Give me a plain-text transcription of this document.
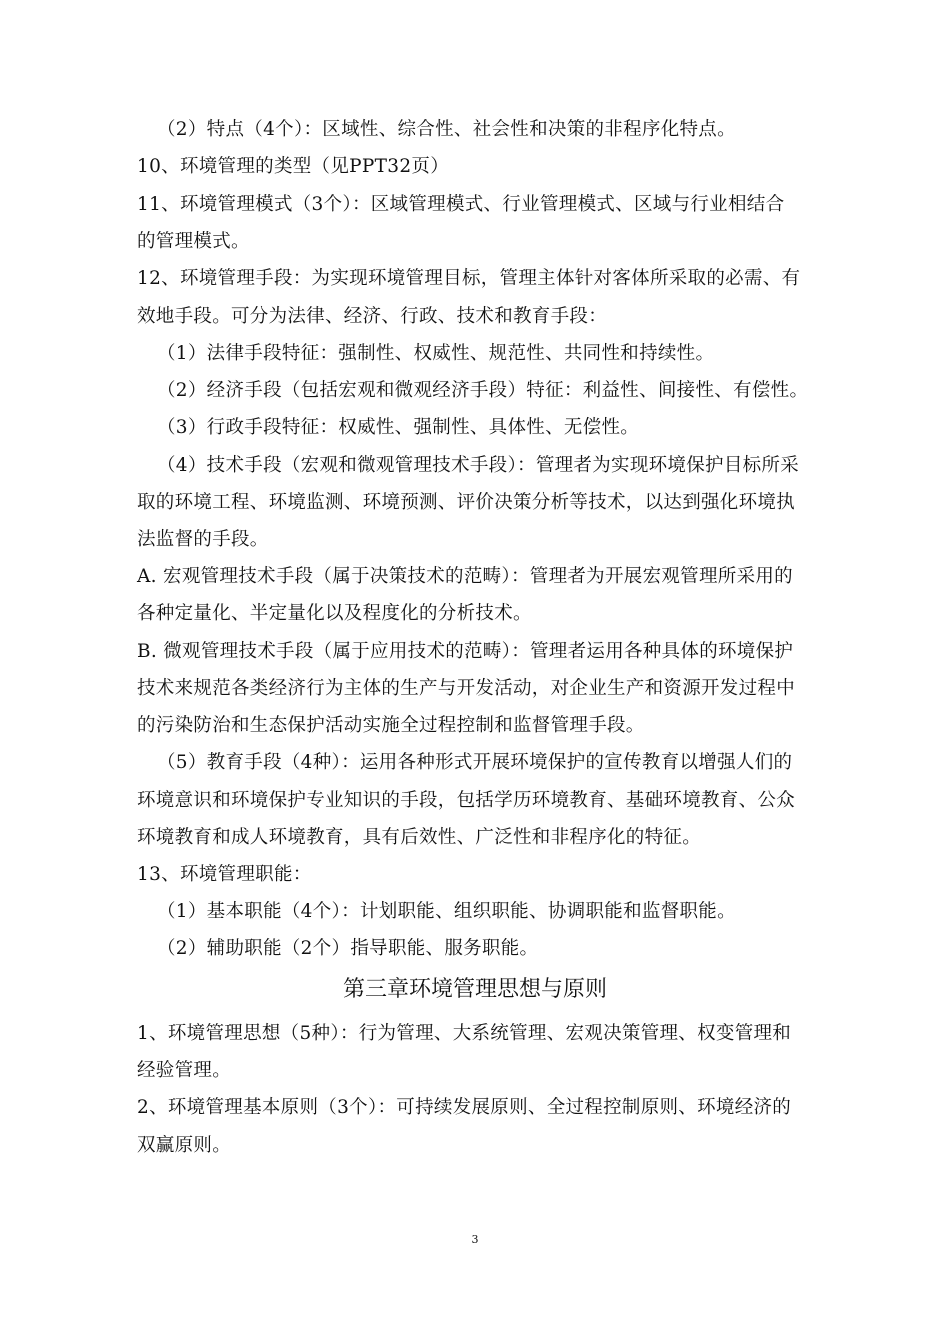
（2）特点（4个）：区域性、综合性、社会性和决策的非程序化特点。
10、环境管理的类型（见PPT32页）
11、环境管理模式（3个）：区域管理模式、行业管理模式、区域与行业相结合
的管理模式。
12、环境管理手段：为实现环境管理目标，管理主体针对客体所采取的必需、有
效地手段。可分为法律、经济、行政、技术和教育手段：
（1）法律手段特征：强制性、权威性、规范性、共同性和持续性。
（2）经济手段（包括宏观和微观经济手段）特征：利益性、间接性、有偿性。
（3）行政手段特征：权威性、强制性、具体性、无偿性。
（4）技术手段（宏观和微观管理技术手段）：管理者为实现环境保护目标所采
取的环境工程、环境监测、环境预测、评价决策分析等技术，以达到强化环境执
法监督的手段。
A. 宏观管理技术手段（属于决策技术的范畴）：管理者为开展宏观管理所采用的
各种定量化、半定量化以及程度化的分析技术。
B. 微观管理技术手段（属于应用技术的范畴）：管理者运用各种具体的环境保护
技术来规范各类经济行为主体的生产与开发活动，对企业生产和资源开发过程中
的污染防治和生态保护活动实施全过程控制和监督管理手段。
（5）教育手段（4种）：运用各种形式开展环境保护的宣传教育以增强人们的
环境意识和环境保护专业知识的手段，包括学历环境教育、基础环境教育、公众
环境教育和成人环境教育，具有后效性、广泛性和非程序化的特征。
13、环境管理职能：
（1）基本职能（4个）：计划职能、组织职能、协调职能和监督职能。
（2）辅助职能（2个）指导职能、服务职能。
第三章环境管理思想与原则
1、环境管理思想（5种）：行为管理、大系统管理、宏观决策管理、权变管理和
经验管理。
2、环境管理基本原则（3个）：可持续发展原则、全过程控制原则、环境经济的
双赢原则。
3
